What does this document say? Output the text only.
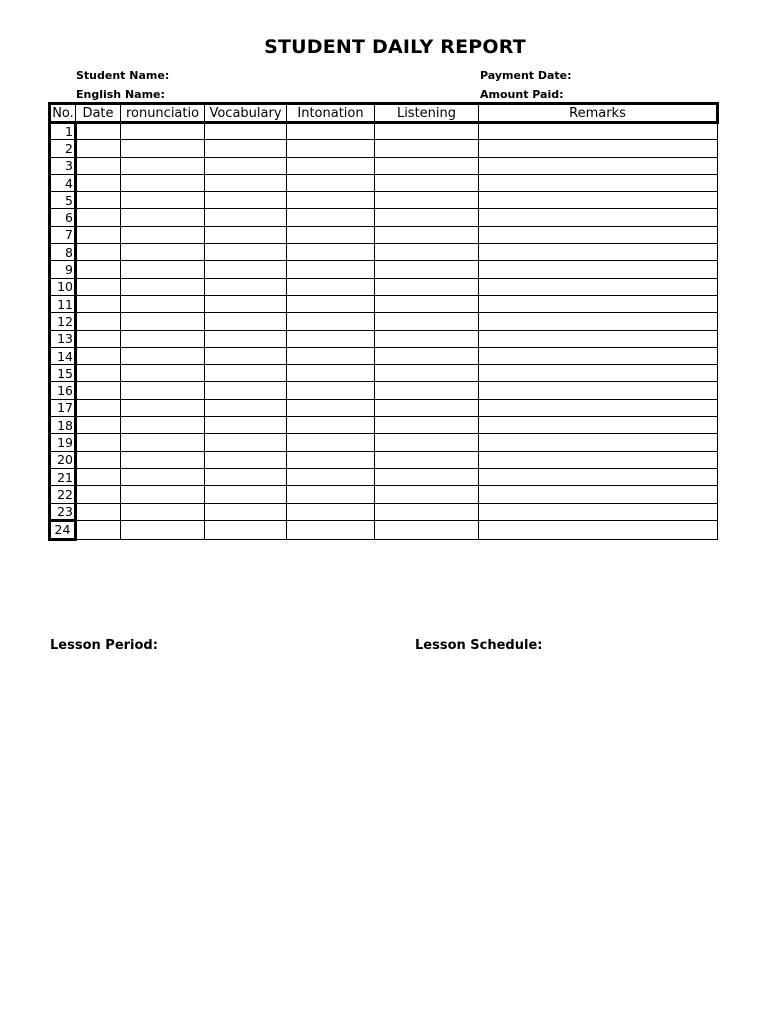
STUDENT DAILY REPORT
Student Name:
English Name:
Payment Date:
Amount Paid:
No.	Date	ronunciatio	Vocabulary	Intonation	Listening	Remarks
1						
2						
3						
4						
5						
6						
7						
8						
9						
10						
11						
12						
13						
14						
15						
16						
17						
18						
19						
20						
21						
22						
23						
24						
Lesson Period:	Lesson Schedule:
